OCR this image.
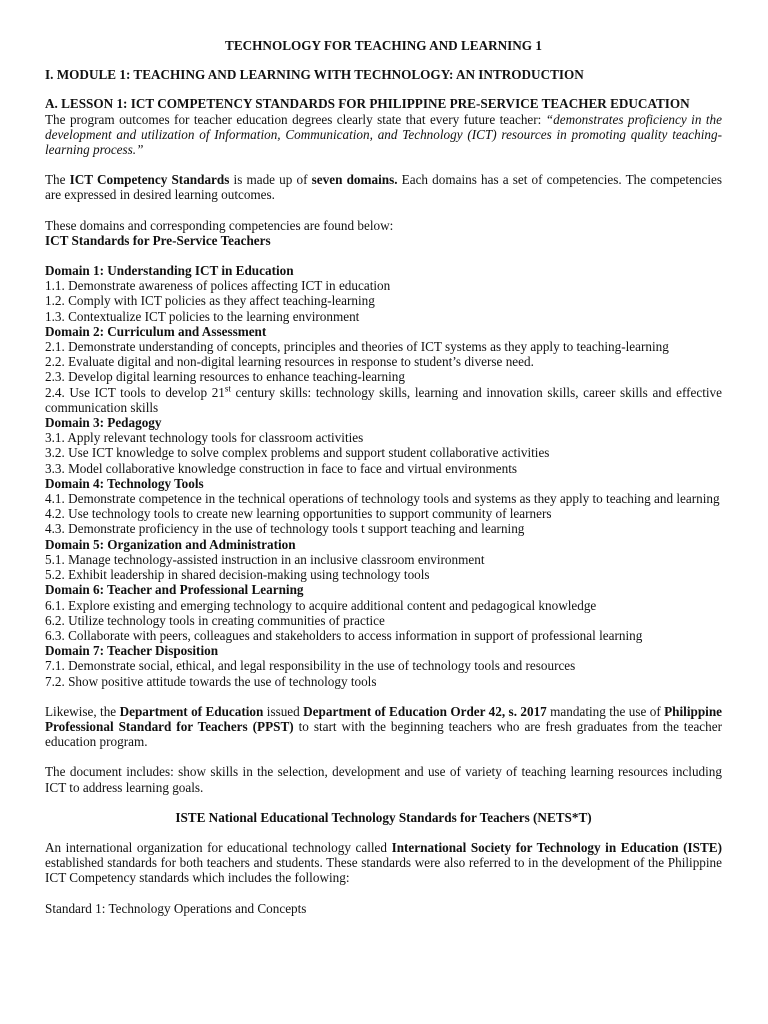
TECHNOLOGY FOR TEACHING AND LEARNING 1
I. MODULE 1: TEACHING AND LEARNING WITH TECHNOLOGY: AN INTRODUCTION
A. LESSON 1: ICT COMPETENCY STANDARDS FOR PHILIPPINE PRE-SERVICE TEACHER EDUCATION

The program outcomes for teacher education degrees clearly state that every future teacher: “demonstrates proficiency in the development and utilization of Information, Communication, and Technology (ICT) resources in promoting quality teaching-learning process.”

The ICT Competency Standards is made up of seven domains. Each domains has a set of competencies. The competencies are expressed in desired learning outcomes.

These domains and corresponding competencies are found below:

ICT Standards for Pre-Service Teachers

Domain 1: Understanding ICT in Education
1.1. Demonstrate awareness of polices affecting ICT in education
1.2. Comply with ICT policies as they affect teaching-learning
1.3. Contextualize ICT policies to the learning environment
Domain 2: Curriculum and Assessment
2.1. Demonstrate understanding of concepts, principles and theories of ICT systems as they apply to teaching-learning
2.2. Evaluate digital and non-digital learning resources in response to student’s diverse need.
2.3. Develop digital learning resources to enhance teaching-learning
2.4. Use ICT tools to develop 21st century skills: technology skills, learning and innovation skills, career skills and effective communication skills
Domain 3: Pedagogy
3.1. Apply relevant technology tools for classroom activities
3.2. Use ICT knowledge to solve complex problems and support student collaborative activities
3.3. Model collaborative knowledge construction in face to face and virtual environments
Domain 4: Technology Tools
4.1. Demonstrate competence in the technical operations of technology tools and systems as they apply to teaching and learning
4.2. Use technology tools to create new learning opportunities to support community of learners
4.3. Demonstrate proficiency in the use of technology tools t support teaching and learning
Domain 5: Organization and Administration
5.1. Manage technology-assisted instruction in an inclusive classroom environment
5.2. Exhibit leadership in shared decision-making using technology tools
Domain 6: Teacher and Professional Learning
6.1. Explore existing and emerging technology to acquire additional content and pedagogical knowledge
6.2. Utilize technology tools in creating communities of practice
6.3. Collaborate with peers, colleagues and stakeholders to access information in support of professional learning
Domain 7: Teacher Disposition
7.1. Demonstrate social, ethical, and legal responsibility in the use of technology tools and resources
7.2. Show positive attitude towards the use of technology tools

Likewise, the Department of Education issued Department of Education Order 42, s. 2017 mandating the use of Philippine Professional Standard for Teachers (PPST) to start with the beginning teachers who are fresh graduates from the teacher education program.

The document includes: show skills in the selection, development and use of variety of teaching learning resources including ICT to address learning goals.

ISTE National Educational Technology Standards for Teachers (NETS*T)

An international organization for educational technology called International Society for Technology in Education (ISTE) established standards for both teachers and students. These standards were also referred to in the development of the Philippine ICT Competency standards which includes the following:

Standard 1: Technology Operations and Concepts
